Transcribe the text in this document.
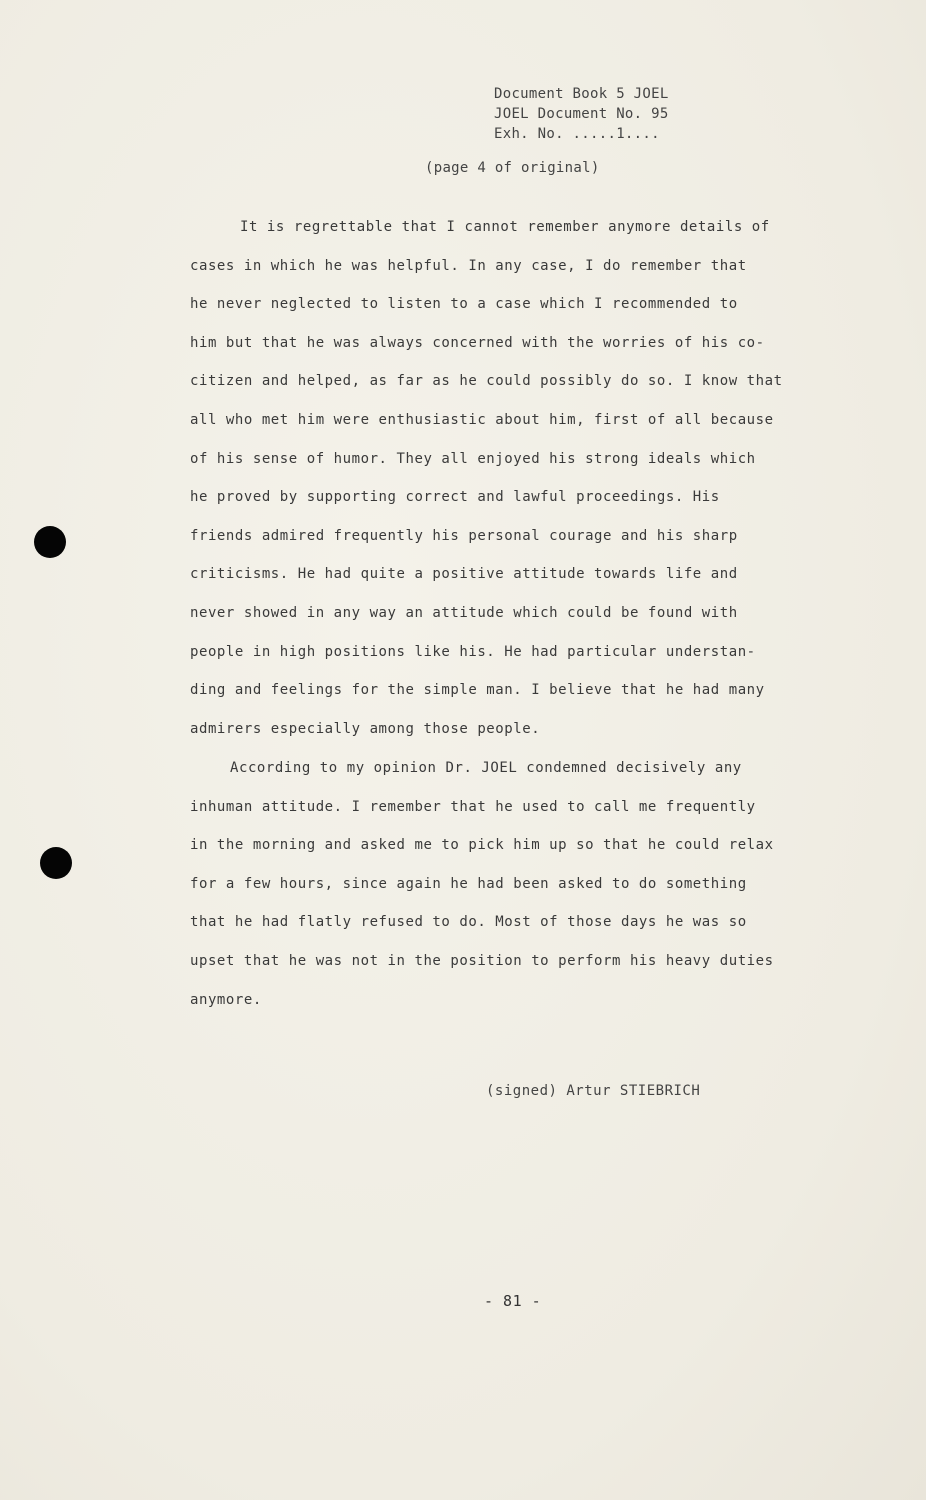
Document Book 5 JOEL
JOEL Document No. 95
Exh. No. .....1....
(page 4 of original)
It is regrettable that I cannot remember anymore details of
cases in which he was helpful. In any case, I do remember that
he never neglected to listen to a case which I recommended to
him but that he was always concerned with the worries of his co-
citizen and helped, as far as he could possibly do so. I know that
all who met him were enthusiastic about him, first of all because
of his sense of humor. They all enjoyed his strong ideals which
he proved by supporting correct and lawful proceedings. His
friends admired frequently his personal courage and his sharp
criticisms. He had quite a positive attitude towards life and
never showed in any way an attitude which could be found with
people in high positions like his. He had particular understan-
ding and feelings for the simple man. I believe that he had many
admirers especially among those people.
According to my opinion Dr. JOEL condemned decisively any
inhuman attitude. I remember that he used to call me frequently
in the morning and asked me to pick him up so that he could relax
for a few hours, since again he had been asked to do something
that he had flatly refused to do. Most of those days he was so
upset that he was not in the position to perform his heavy duties
anymore.
(signed) Artur STIEBRICH
- 81 -
